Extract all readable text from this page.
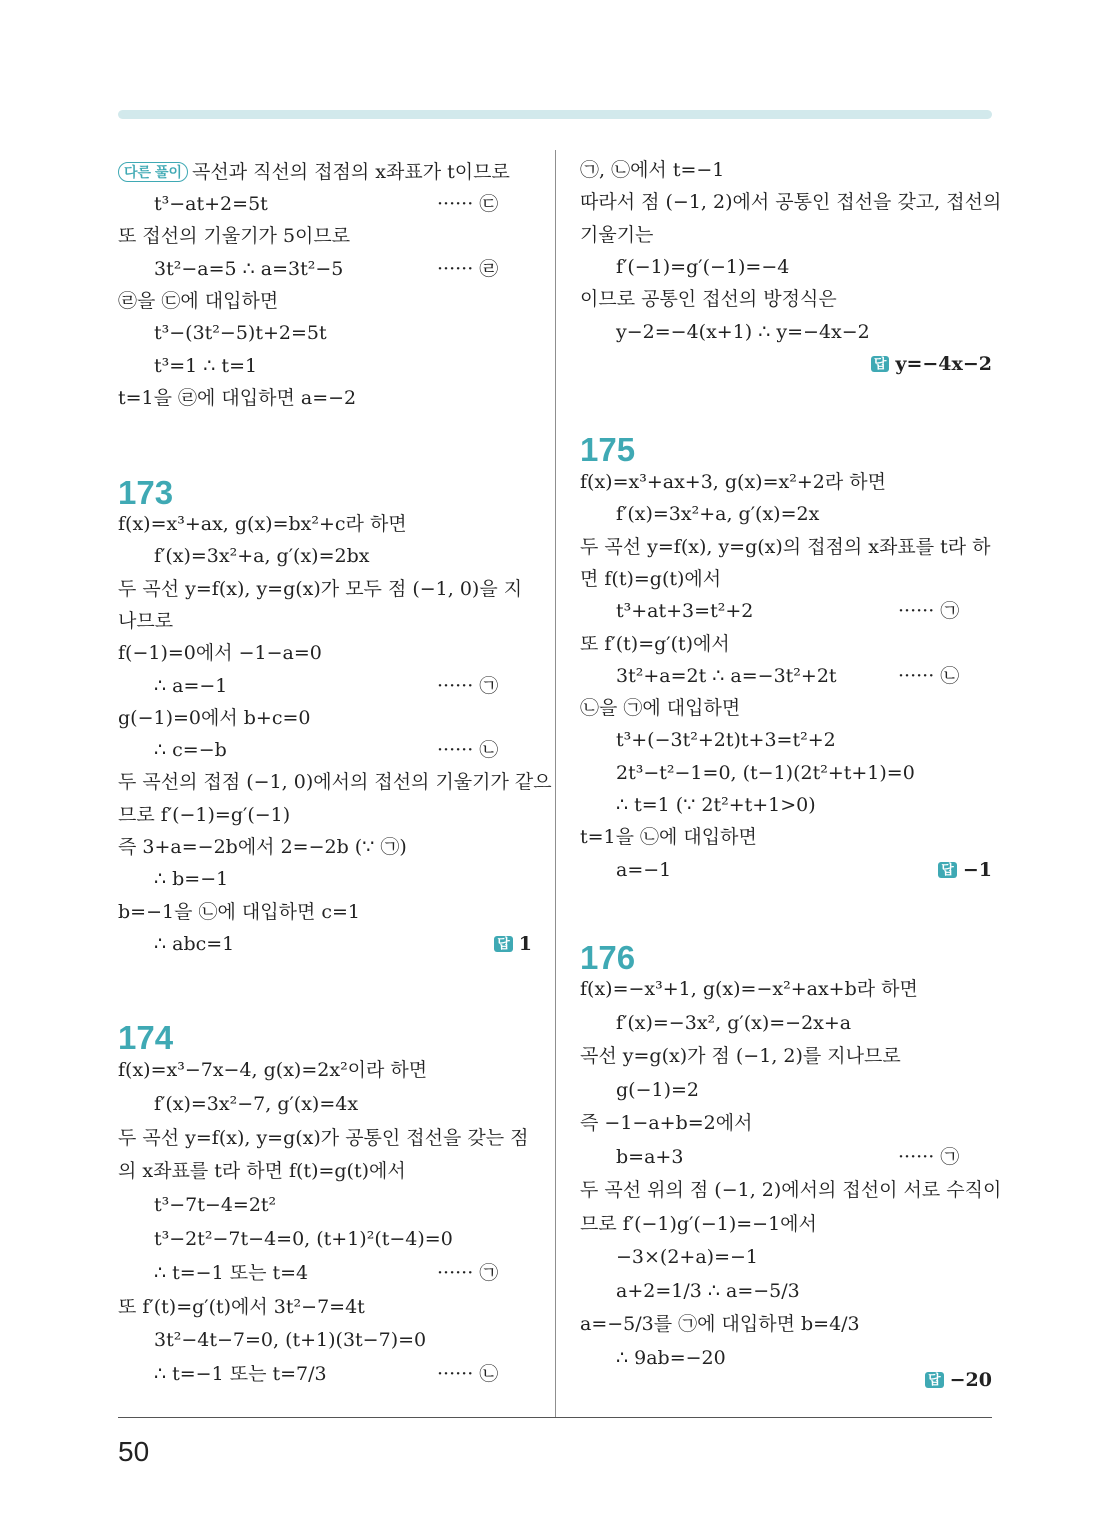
다른 풀이 곡선과 직선의 접점의 x좌표가 t이므로
t³−at+2=5t	······ ㉢
또 접선의 기울기가 5이므로
3t²−a=5 ∴ a=3t²−5	······ ㉣
㉣을 ㉢에 대입하면
t³−(3t²−5)t+2=5t
t³=1 ∴ t=1
t=1을 ㉣에 대입하면 a=−2
173
f(x)=x³+ax, g(x)=bx²+c라 하면
f′(x)=3x²+a, g′(x)=2bx
두 곡선 y=f(x), y=g(x)가 모두 점 (−1, 0)을 지
나므로
f(−1)=0에서 −1−a=0
∴ a=−1	······ ㉠
g(−1)=0에서 b+c=0
∴ c=−b	······ ㉡
두 곡선의 접점 (−1, 0)에서의 접선의 기울기가 같으
므로 f′(−1)=g′(−1)
즉 3+a=−2b에서 2=−2b (∵ ㉠)
∴ b=−1
b=−1을 ㉡에 대입하면 c=1
∴ abc=1	답 1
174
f(x)=x³−7x−4, g(x)=2x²이라 하면
f′(x)=3x²−7, g′(x)=4x
두 곡선 y=f(x), y=g(x)가 공통인 접선을 갖는 점
의 x좌표를 t라 하면 f(t)=g(t)에서
t³−7t−4=2t²
t³−2t²−7t−4=0, (t+1)²(t−4)=0
∴ t=−1 또는 t=4	······ ㉠
또 f′(t)=g′(t)에서 3t²−7=4t
3t²−4t−7=0, (t+1)(3t−7)=0
∴ t=−1 또는 t=7/3	······ ㉡
㉠, ㉡에서 t=−1
따라서 점 (−1, 2)에서 공통인 접선을 갖고, 접선의
기울기는
f′(−1)=g′(−1)=−4
이므로 공통인 접선의 방정식은
y−2=−4(x+1) ∴ y=−4x−2
답 y=−4x−2
175
f(x)=x³+ax+3, g(x)=x²+2라 하면
f′(x)=3x²+a, g′(x)=2x
두 곡선 y=f(x), y=g(x)의 접점의 x좌표를 t라 하
면 f(t)=g(t)에서
t³+at+3=t²+2	······ ㉠
또 f′(t)=g′(t)에서
3t²+a=2t ∴ a=−3t²+2t	······ ㉡
㉡을 ㉠에 대입하면
t³+(−3t²+2t)t+3=t²+2
2t³−t²−1=0, (t−1)(2t²+t+1)=0
∴ t=1 (∵ 2t²+t+1>0)
t=1을 ㉡에 대입하면
a=−1	답 −1
176
f(x)=−x³+1, g(x)=−x²+ax+b라 하면
f′(x)=−3x², g′(x)=−2x+a
곡선 y=g(x)가 점 (−1, 2)를 지나므로
g(−1)=2
즉 −1−a+b=2에서
b=a+3	······ ㉠
두 곡선 위의 점 (−1, 2)에서의 접선이 서로 수직이
므로 f′(−1)g′(−1)=−1에서
−3×(2+a)=−1
a+2=1/3 ∴ a=−5/3
a=−5/3를 ㉠에 대입하면 b=4/3
∴ 9ab=−20
답 −20
50
